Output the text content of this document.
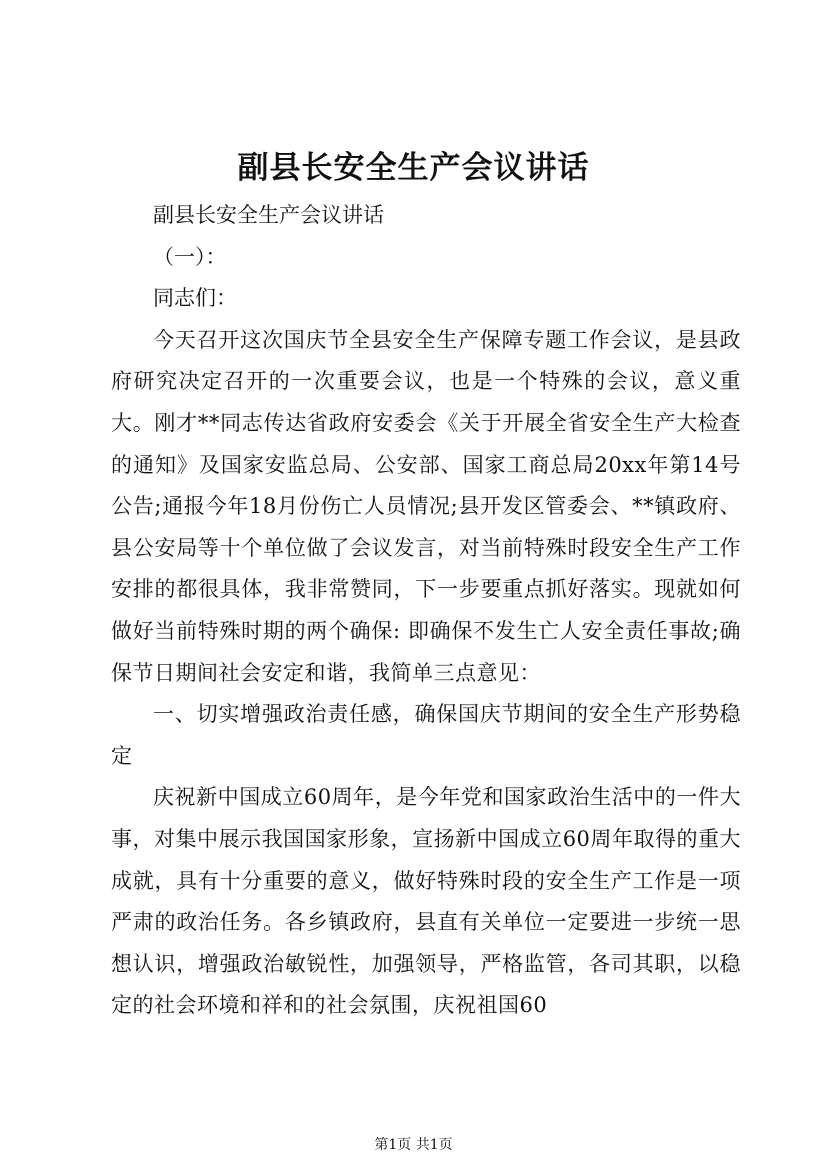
副县长安全生产会议讲话

副县长安全生产会议讲话

（一）：

同志们：

今天召开这次国庆节全县安全生产保障专题工作会议，是县政府研究决定召开的一次重要会议，也是一个特殊的会议，意义重大。刚才**同志传达省政府安委会《关于开展全省安全生产大检查的通知》及国家安监总局、公安部、国家工商总局20xx年第14号公告;通报今年18月份伤亡人员情况;县开发区管委会、**镇政府、县公安局等十个单位做了会议发言，对当前特殊时段安全生产工作安排的都很具体，我非常赞同，下一步要重点抓好落实。现就如何做好当前特殊时期的两个确保: 即确保不发生亡人安全责任事故;确保节日期间社会安定和谐，我简单三点意见：

一、切实增强政治责任感，确保国庆节期间的安全生产形势稳定

庆祝新中国成立60周年，是今年党和国家政治生活中的一件大事，对集中展示我国国家形象，宣扬新中国成立60周年取得的重大成就，具有十分重要的意义，做好特殊时段的安全生产工作是一项严肃的政治任务。各乡镇政府，县直有关单位一定要进一步统一思想认识，增强政治敏锐性，加强领导，严格监管，各司其职，以稳定的社会环境和祥和的社会氛围，庆祝祖国60

第1页 共1页
